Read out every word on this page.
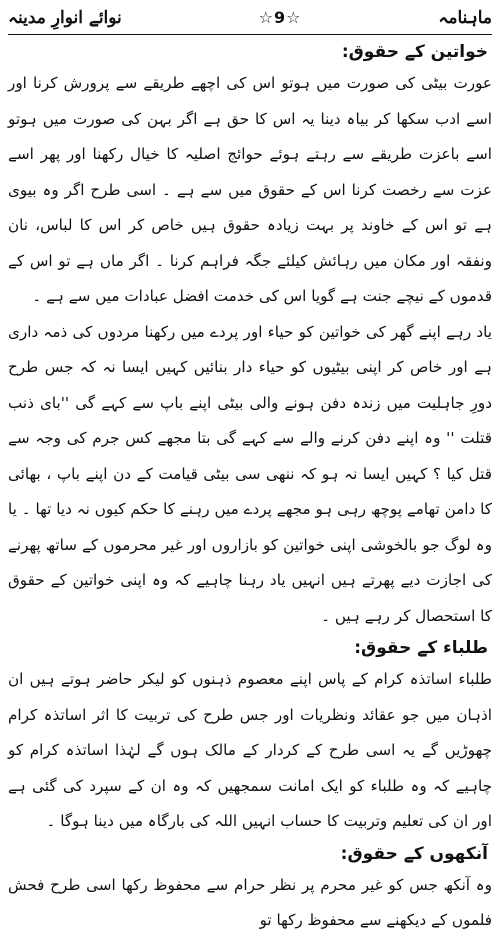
ماہنامہ
☆9☆
نوائے انوارِ مدینہ
خواتین کے حقوق:

عورت بیٹی کی صورت میں ہوتو اس کی اچھے طریقے سے پرورش کرنا اور اسے ادب سکھا کر بیاہ دینا یہ اس کا حق ہے اگر بہن کی صورت میں ہوتو اسے باعزت طریقے سے رہتے ہوئے حوائج اصلیہ کا خیال رکھنا اور پھر اسے عزت سے رخصت کرنا اس کے حقوق میں سے ہے ۔ اسی طرح اگر وہ بیوی ہے تو اس کے خاوند پر بہت زیادہ حقوق ہیں خاص کر اس کا لباس، نان ونفقہ اور مکان میں رہائش کیلئے جگہ فراہم کرنا ۔ اگر ماں ہے تو اس کے قدموں کے نیچے جنت ہے گویا اس کی خدمت افضل عبادات میں سے ہے ۔

یاد رہے اپنے گھر کی خواتین کو حیاء اور پردے میں رکھنا مردوں کی ذمہ داری ہے اور خاص کر اپنی بیٹیوں کو حیاء دار بنائیں کہیں ایسا نہ کہ جس طرح دورِ جاہلیت میں زندہ دفن ہونے والی بیٹی اپنے باپ سے کہے گی ''بای ذنب قتلت '' وہ اپنے دفن کرنے والے سے کہے گی بتا مجھے کس جرم کی وجہ سے قتل کیا ؟ کہیں ایسا نہ ہو کہ ننھی سی بیٹی قیامت کے دن اپنے باپ ، بھائی کا دامن تھامے پوچھ رہی ہو مجھے پردے میں رہنے کا حکم کیوں نہ دیا تھا ۔ یا وہ لوگ جو بالخوشی اپنی خواتین کو بازاروں اور غیر محرموں کے ساتھ پھرنے کی اجازت دیے پھرتے ہیں انہیں یاد رہنا چاہیے کہ وہ اپنی خواتین کے حقوق کا استحصال کر رہے ہیں ۔

طلباء کے حقوق:

طلباء اساتذہ کرام کے پاس اپنے معصوم ذہنوں کو لیکر حاضر ہوتے ہیں ان اذہان میں جو عقائد ونظریات اور جس طرح کی تربیت کا اثر اساتذہ کرام چھوڑیں گے یہ اسی طرح کے کردار کے مالک ہوں گے لہٰذا اساتذہ کرام کو چاہیے کہ وہ طلباء کو ایک امانت سمجھیں کہ وہ ان کے سپرد کی گئی ہے اور ان کی تعلیم وتربیت کا حساب انہیں اللہ کی بارگاہ میں دینا ہوگا ۔

آنکھوں کے حقوق:

وہ آنکھ جس کو غیر محرم پر نظر حرام سے محفوظ رکھا اسی طرح فحش فلموں کے دیکھنے سے محفوظ رکھا تو
